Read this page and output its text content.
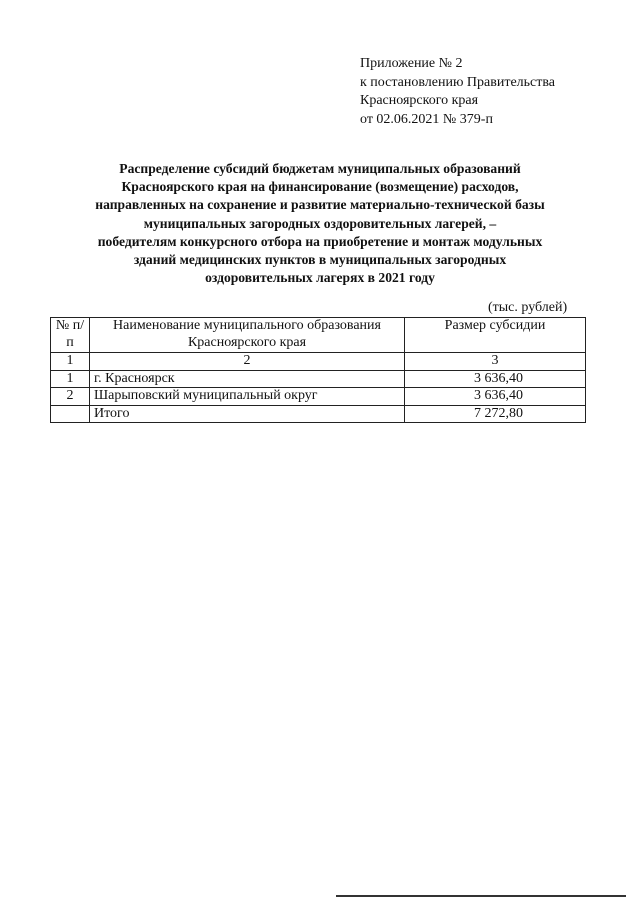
Приложение № 2
к постановлению Правительства
Красноярского края
от 02.06.2021 № 379-п
Распределение субсидий бюджетам муниципальных образований
Красноярского края на финансирование (возмещение) расходов,
направленных на сохранение и развитие материально-технической базы
муниципальных загородных оздоровительных лагерей, –
победителям конкурсного отбора на приобретение и монтаж модульных
зданий медицинских пунктов в муниципальных загородных
оздоровительных лагерях в 2021 году
(тыс. рублей)
№ п/п	Наименование муниципального образования Красноярского края	Размер субсидии
1	2	3
1	г. Красноярск	3 636,40
2	Шарыповский муниципальный округ	3 636,40
	Итого	7 272,80
